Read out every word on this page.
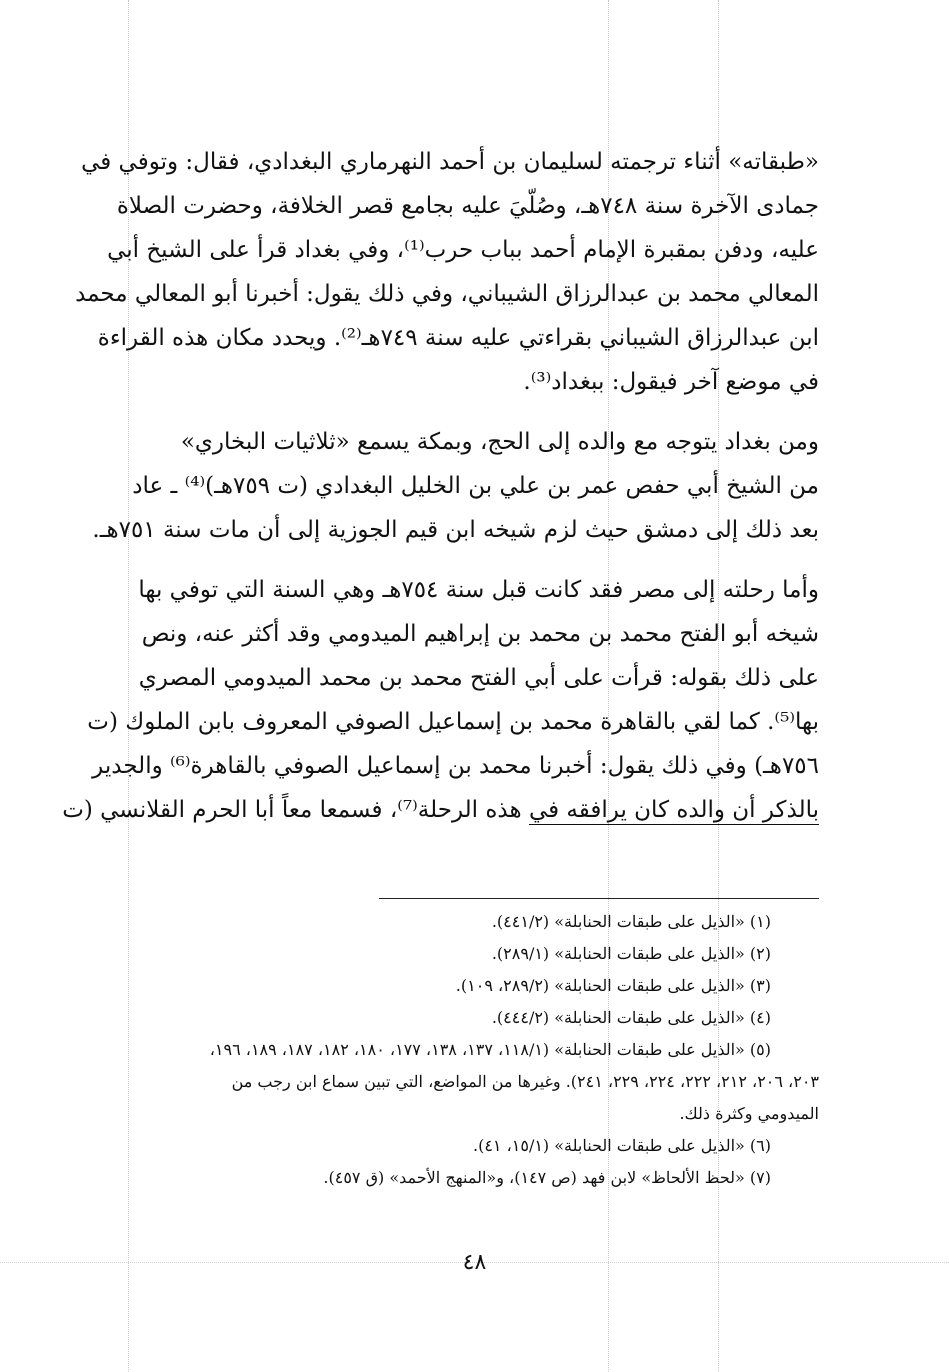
«طبقاته» أثناء ترجمته لسليمان بن أحمد النهرماري البغدادي، فقال: وتوفي في
جمادى الآخرة سنة ٧٤٨هـ، وصُلّيَ عليه بجامع قصر الخلافة، وحضرت الصلاة
عليه، ودفن بمقبرة الإمام أحمد بباب حرب⁽¹⁾، وفي بغداد قرأ على الشيخ أبي
المعالي محمد بن عبدالرزاق الشيباني، وفي ذلك يقول: أخبرنا أبو المعالي محمد
ابن عبدالرزاق الشيباني بقراءتي عليه سنة ٧٤٩هـ⁽²⁾. ويحدد مكان هذه القراءة
في موضع آخر فيقول: ببغداد⁽³⁾.
ومن بغداد يتوجه مع والده إلى الحج، وبمكة يسمع «ثلاثيات البخاري»
من الشيخ أبي حفص عمر بن علي بن الخليل البغدادي (ت ٧٥٩هـ)⁽⁴⁾ ـ عاد
بعد ذلك إلى دمشق حيث لزم شيخه ابن قيم الجوزية إلى أن مات سنة ٧٥١هـ.
وأما رحلته إلى مصر فقد كانت قبل سنة ٧٥٤هـ وهي السنة التي توفي بها
شيخه أبو الفتح محمد بن محمد بن إبراهيم الميدومي وقد أكثر عنه، ونص
على ذلك بقوله: قرأت على أبي الفتح محمد بن محمد الميدومي المصري
بها⁽⁵⁾. كما لقي بالقاهرة محمد بن إسماعيل الصوفي المعروف بابن الملوك (ت
٧٥٦هـ) وفي ذلك يقول: أخبرنا محمد بن إسماعيل الصوفي بالقاهرة⁽⁶⁾ والجدير
بالذكر أن والده كان يرافقه في هذه الرحلة⁽⁷⁾، فسمعا معاً أبا الحرم القلانسي (ت
(١) «الذيل على طبقات الحنابلة» (٤٤١/٢).
(٢) «الذيل على طبقات الحنابلة» (٢٨٩/١).
(٣) «الذيل على طبقات الحنابلة» (٢٨٩/٢، ١٠٩).
(٤) «الذيل على طبقات الحنابلة» (٤٤٤/٢).
(٥) «الذيل على طبقات الحنابلة» (١١٨/١، ١٣٧، ١٣٨، ١٧٧، ١٨٠، ١٨٢، ١٨٧، ١٨٩، ١٩٦،
٢٠٣، ٢٠٦، ٢١٢، ٢٢٢، ٢٢٤، ٢٢٩، ٢٤١). وغيرها من المواضع، التي تبين سماع ابن رجب من
الميدومي وكثرة ذلك.
(٦) «الذيل على طبقات الحنابلة» (١٥/١، ٤١).
(٧) «لحظ الألحاظ» لابن فهد (ص ١٤٧)، و«المنهج الأحمد» (ق ٤٥٧).
٤٨
